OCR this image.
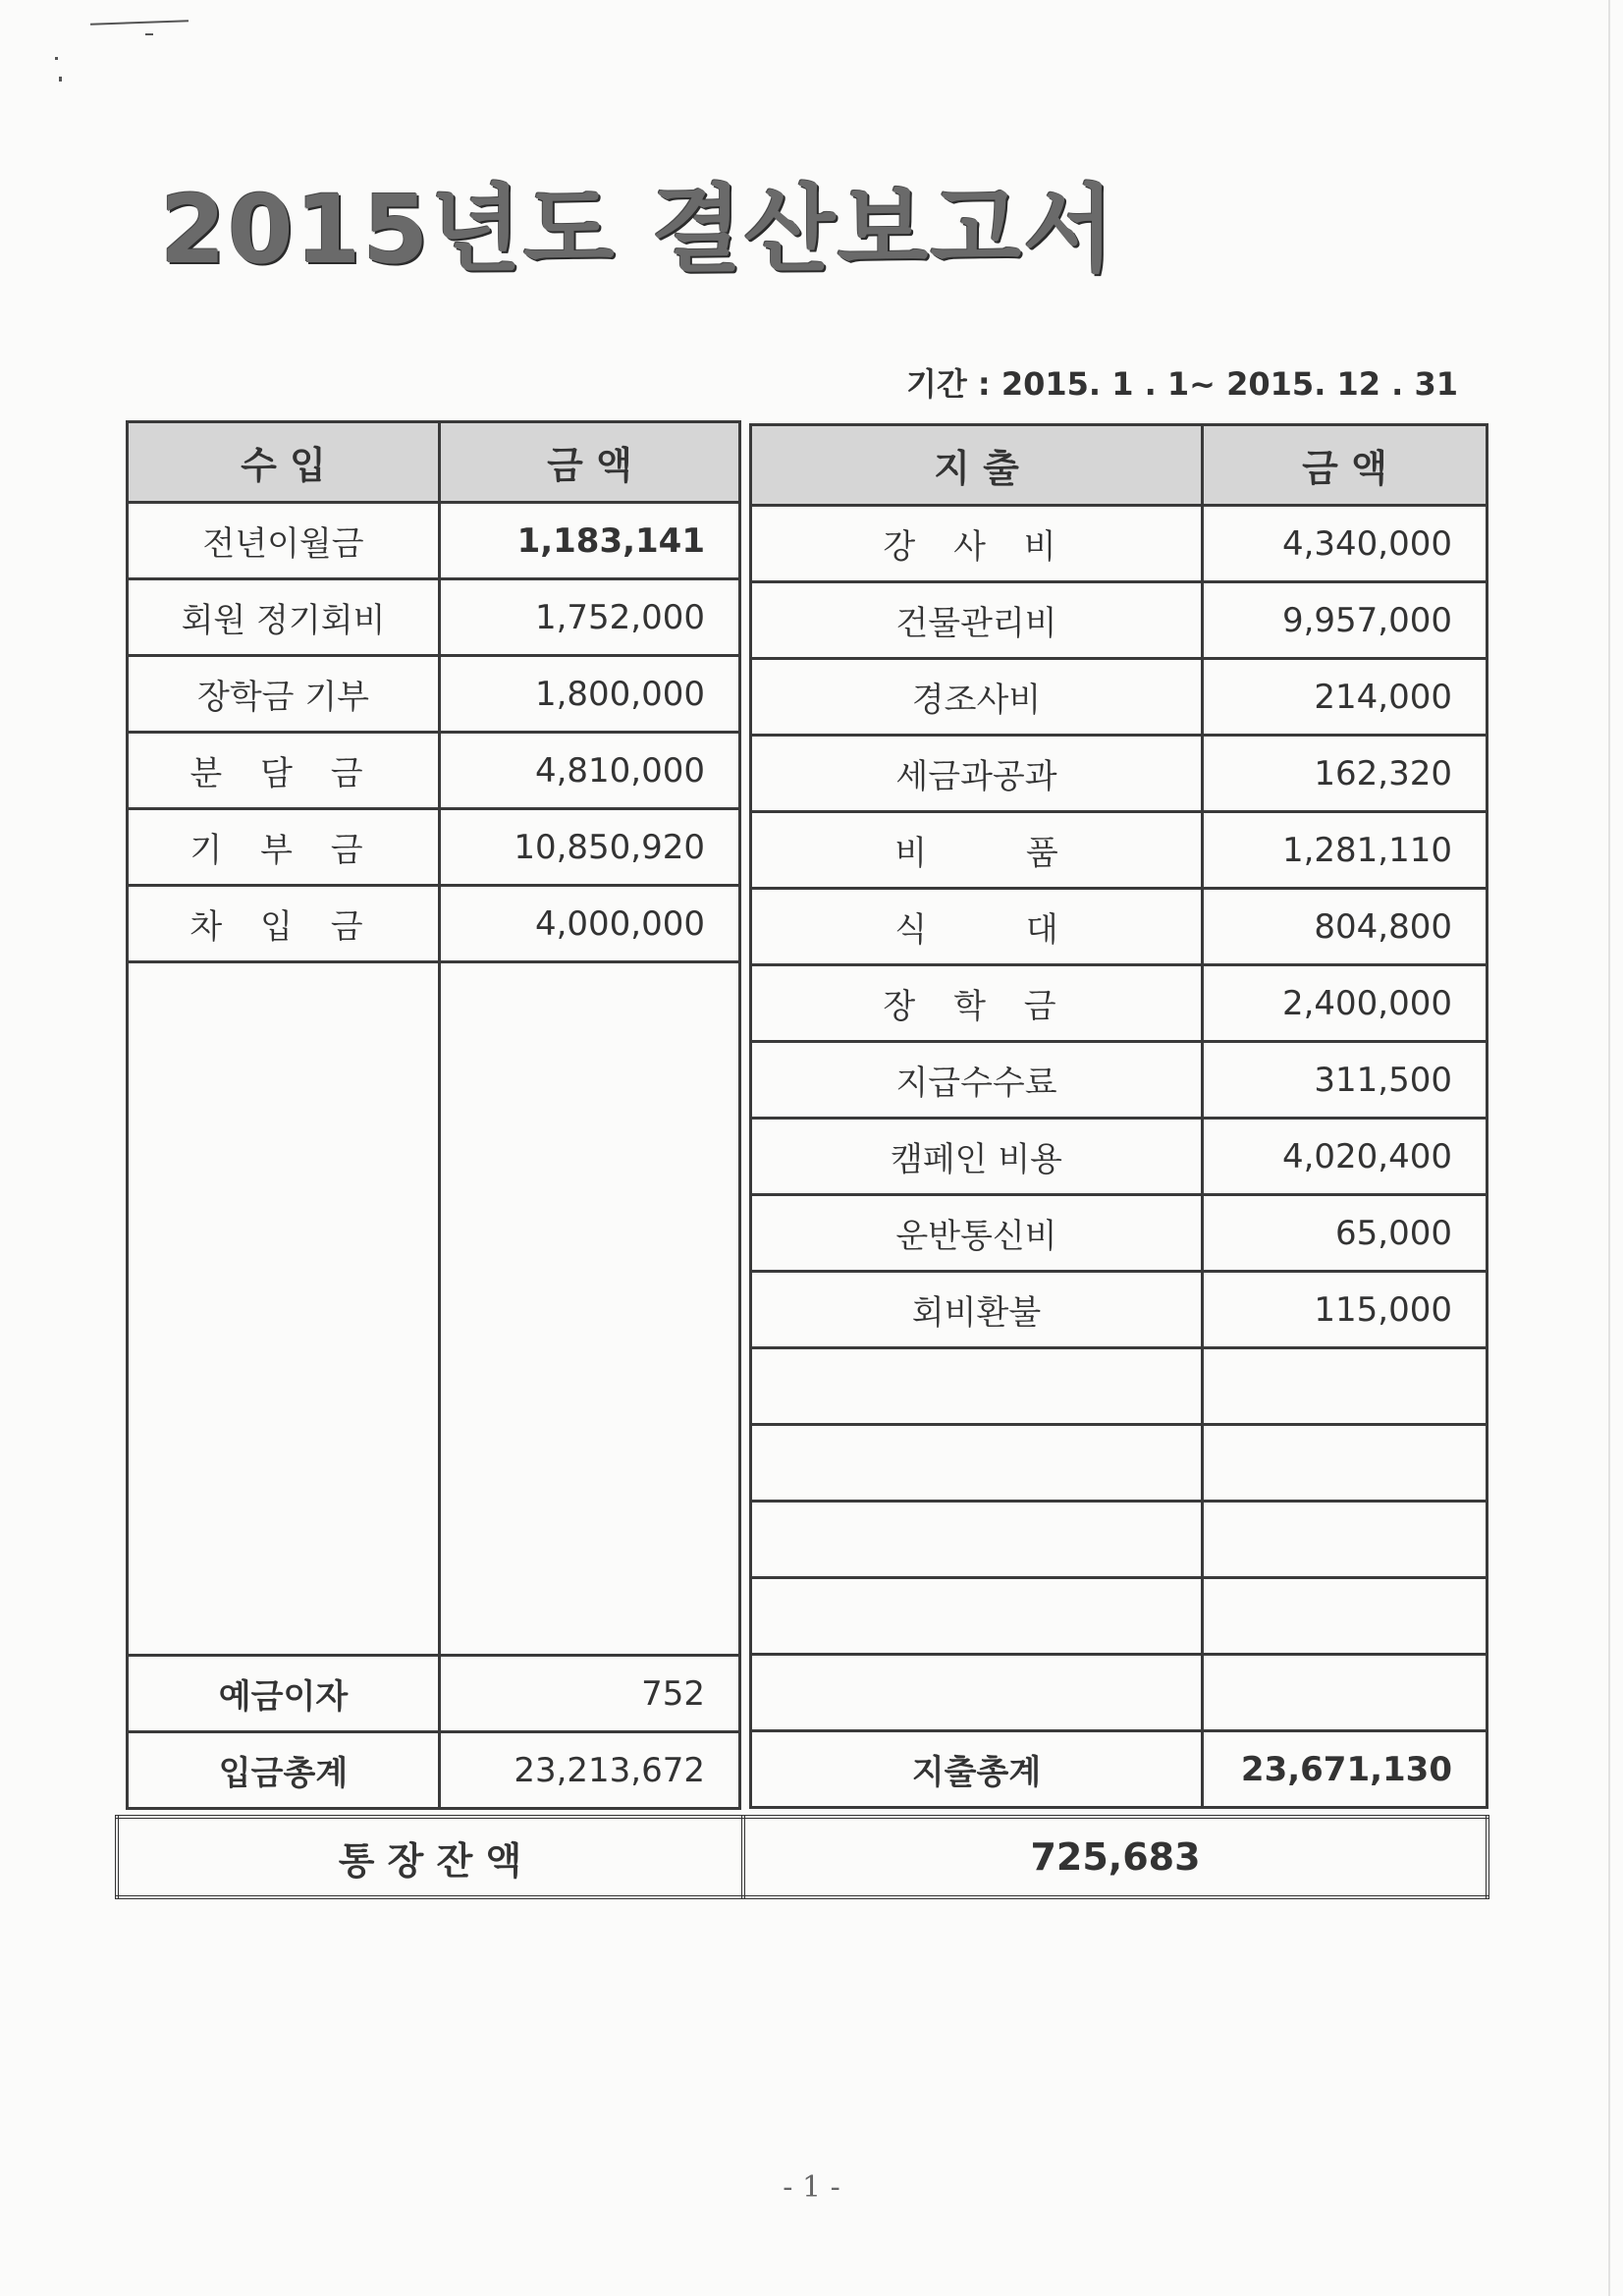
2015년도 결산보고서
기간 : 2015. 1 . 1~ 2015. 12 . 31
수 입	금 액
전년이월금	1,183,141
회원 정기회비	1,752,000
장학금 기부	1,800,000
분 담 금	4,810,000
기 부 금	10,850,920
차 입 금	4,000,000

예금이자	752
입금총계	23,213,672
지 출	금 액
강 사 비	4,340,000
건물관리비	9,957,000
경조사비	214,000
세금과공과	162,320
비 품	1,281,110
식 대	804,800
장 학 금	2,400,000
지급수수료	311,500
캠페인 비용	4,020,400
운반통신비	65,000
회비환불	115,000

지출총계	23,671,130
통 장 잔 액	725,683
- 1 -
